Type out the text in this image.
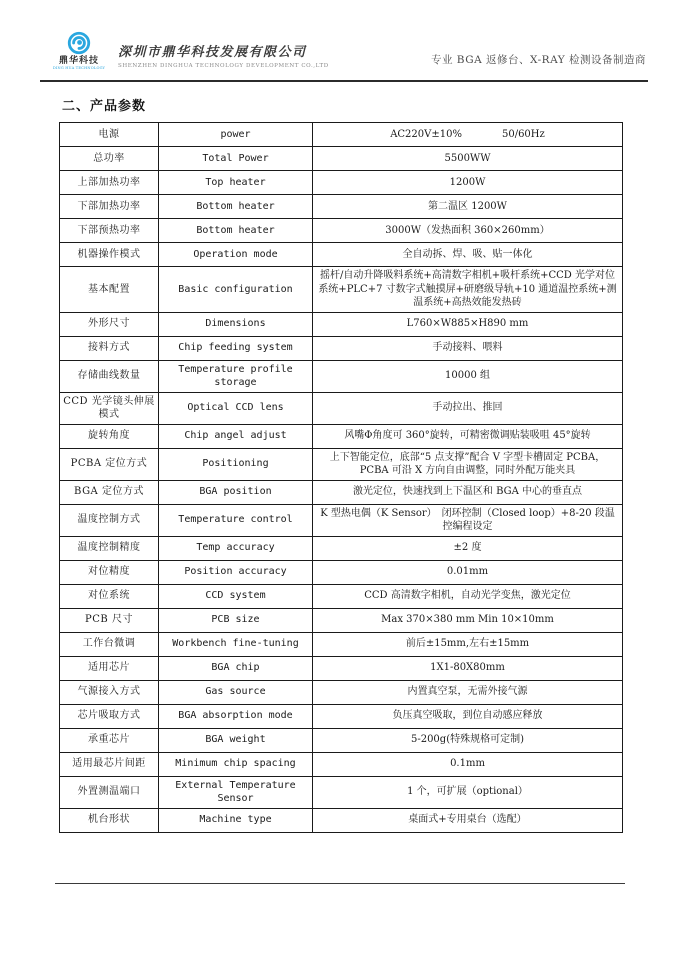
鼎华科技
DING HUA TECHNOLOGY
深圳市鼎华科技发展有限公司
SHENZHEN DINGHUA TECHNOLOGY DEVELOPMENT CO.,LTD	专业 BGA 返修台、X-RAY 检测设备制造商
二、产品参数
电源	power	AC220V±10%　　　　50/60Hz
总功率	Total Power	5500WW
上部加热功率	Top heater	1200W
下部加热功率	Bottom heater	第二温区 1200W
下部预热功率	Bottom heater	3000W（发热面积 360×260mm）
机器操作模式	Operation mode	全自动拆、焊、吸、贴一体化
基本配置	Basic configuration	摇杆/自动升降吸料系统+高清数字相机+吸杆系统+CCD 光学对位系统+PLC+7 寸数字式触摸屏+研磨级导轨+10 通道温控系统+测温系统+高热效能发热砖
外形尺寸	Dimensions	L760×W885×H890 mm
接料方式	Chip feeding system	手动接料、喂料
存储曲线数量	Temperature profile storage	10000 组
CCD 光学镜头伸展模式	Optical CCD lens	手动拉出、推回
旋转角度	Chip angel adjust	风嘴Φ角度可 360°旋转，可精密微调贴装吸咀 45°旋转
PCBA 定位方式	Positioning	上下智能定位，底部“5 点支撑”配合 V 字型卡槽固定 PCBA，PCBA 可沿 X 方向自由调整，同时外配万能夹具
BGA 定位方式	BGA position	激光定位，快速找到上下温区和 BGA 中心的垂直点
温度控制方式	Temperature control	K 型热电偶（K Sensor）　闭环控制（Closed loop）+8-20 段温控编程设定
温度控制精度	Temp accuracy	±2 度
对位精度	Position accuracy	0.01mm
对位系统	CCD system	CCD 高清数字相机，自动光学变焦，激光定位
PCB 尺寸	PCB size	Max 370×380 mm Min 10×10mm
工作台微调	Workbench fine-tuning	前后±15mm,左右±15mm
适用芯片	BGA chip	1X1-80X80mm
气源接入方式	Gas source	内置真空泵，无需外接气源
芯片吸取方式	BGA absorption mode	负压真空吸取，到位自动感应释放
承重芯片	BGA weight	5-200g(特殊规格可定制)
适用最芯片间距	Minimum chip spacing	0.1mm
外置测温端口	External Temperature Sensor	1 个，可扩展（optional）
机台形状	Machine type	桌面式+专用桌台（选配）
